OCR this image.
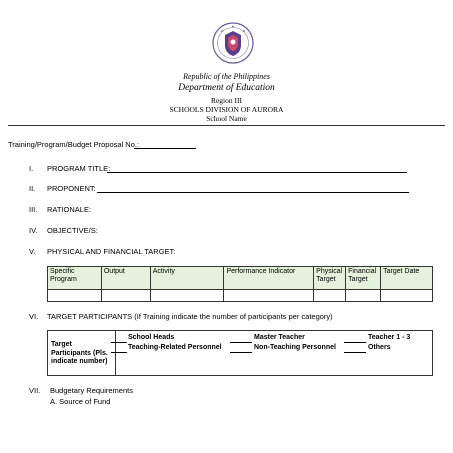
Republic of the Philippines
Department of Education
Region III
SCHOOLS DIVISION OF AURORA
School Name
Training/Program/Budget Proposal No.:
I.	PROGRAM TITLE:
II.	PROPONENT:
III.	RATIONALE:
IV.	OBJECTIVE/S:
V.	PHYSICAL AND FINANCIAL TARGET:
Specific Program	Output	Activity	Performance Indicator	Physical Target	Financial Target	Target Date

VI.	TARGET PARTICIPANTS (If Training indicate the number of participants per category)
Target Participants (Pls. indicate number)
School Heads	Master Teacher	Teacher 1 - 3
Teaching-Related Personnel	Non-Teaching Personnel	Others
VII.	Budgetary Requirements
A. Source of Fund
